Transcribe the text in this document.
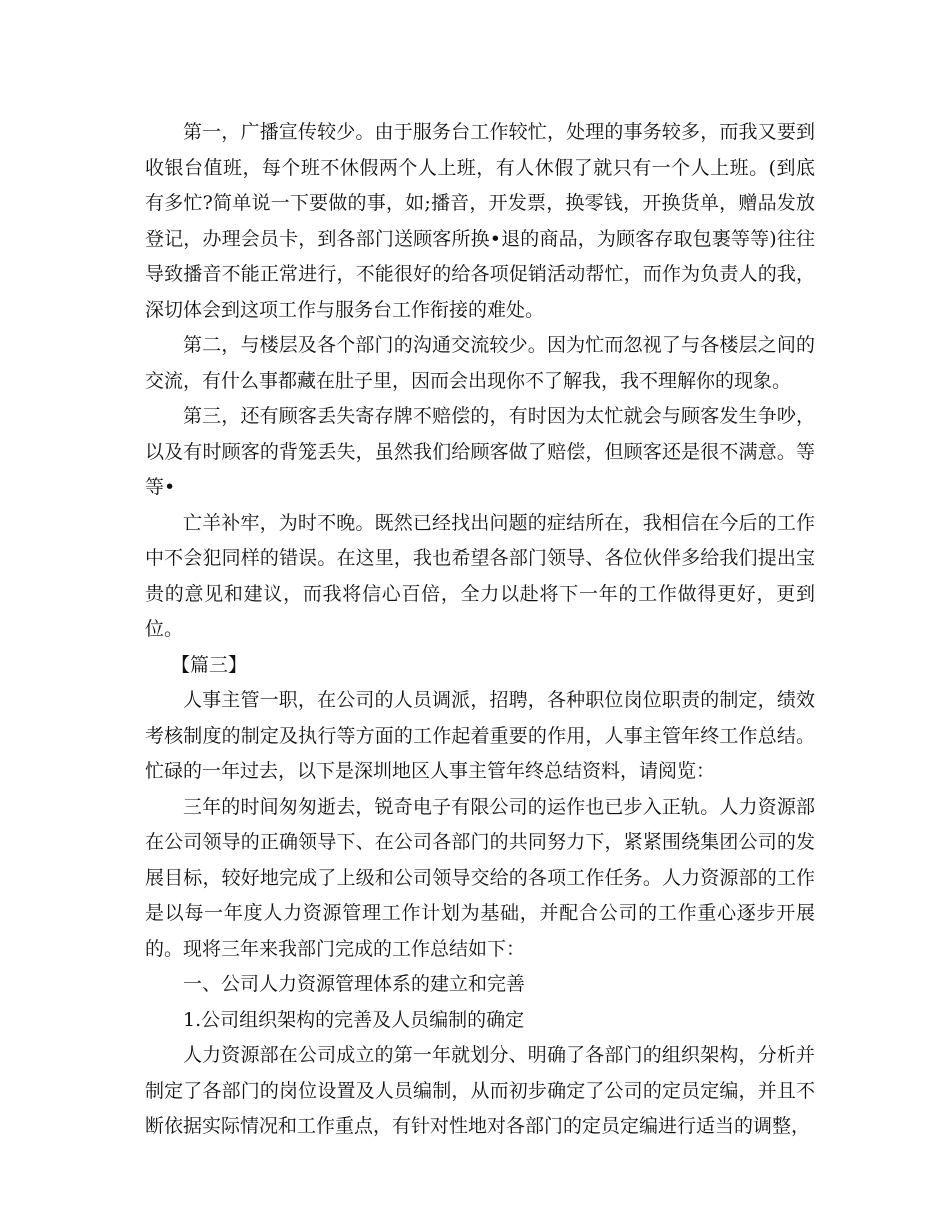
第一，广播宣传较少。由于服务台工作较忙，处理的事务较多，而我又要到收银台值班，每个班不休假两个人上班，有人休假了就只有一个人上班。(到底有多忙?简单说一下要做的事，如;播音，开发票，换零钱，开换货单，赠品发放登记，办理会员卡，到各部门送顾客所换•退的商品，为顾客存取包裹等等)往往导致播音不能正常进行，不能很好的给各项促销活动帮忙，而作为负责人的我，深切体会到这项工作与服务台工作衔接的难处。

第二，与楼层及各个部门的沟通交流较少。因为忙而忽视了与各楼层之间的交流，有什么事都藏在肚子里，因而会出现你不了解我，我不理解你的现象。

第三，还有顾客丢失寄存牌不赔偿的，有时因为太忙就会与顾客发生争吵，以及有时顾客的背笼丢失，虽然我们给顾客做了赔偿，但顾客还是很不满意。等等•

亡羊补牢，为时不晚。既然已经找出问题的症结所在，我相信在今后的工作中不会犯同样的错误。在这里，我也希望各部门领导、各位伙伴多给我们提出宝贵的意见和建议，而我将信心百倍，全力以赴将下一年的工作做得更好，更到位。

【篇三】

人事主管一职，在公司的人员调派，招聘，各种职位岗位职责的制定，绩效考核制度的制定及执行等方面的工作起着重要的作用，人事主管年终工作总结。忙碌的一年过去，以下是深圳地区人事主管年终总结资料，请阅览：

三年的时间匆匆逝去，锐奇电子有限公司的运作也已步入正轨。人力资源部在公司领导的正确领导下、在公司各部门的共同努力下，紧紧围绕集团公司的发展目标，较好地完成了上级和公司领导交给的各项工作任务。人力资源部的工作是以每一年度人力资源管理工作计划为基础，并配合公司的工作重心逐步开展的。现将三年来我部门完成的工作总结如下：

一、公司人力资源管理体系的建立和完善

1.公司组织架构的完善及人员编制的确定

人力资源部在公司成立的第一年就划分、明确了各部门的组织架构，分析并制定了各部门的岗位设置及人员编制，从而初步确定了公司的定员定编，并且不断依据实际情况和工作重点，有针对性地对各部门的定员定编进行适当的调整，
